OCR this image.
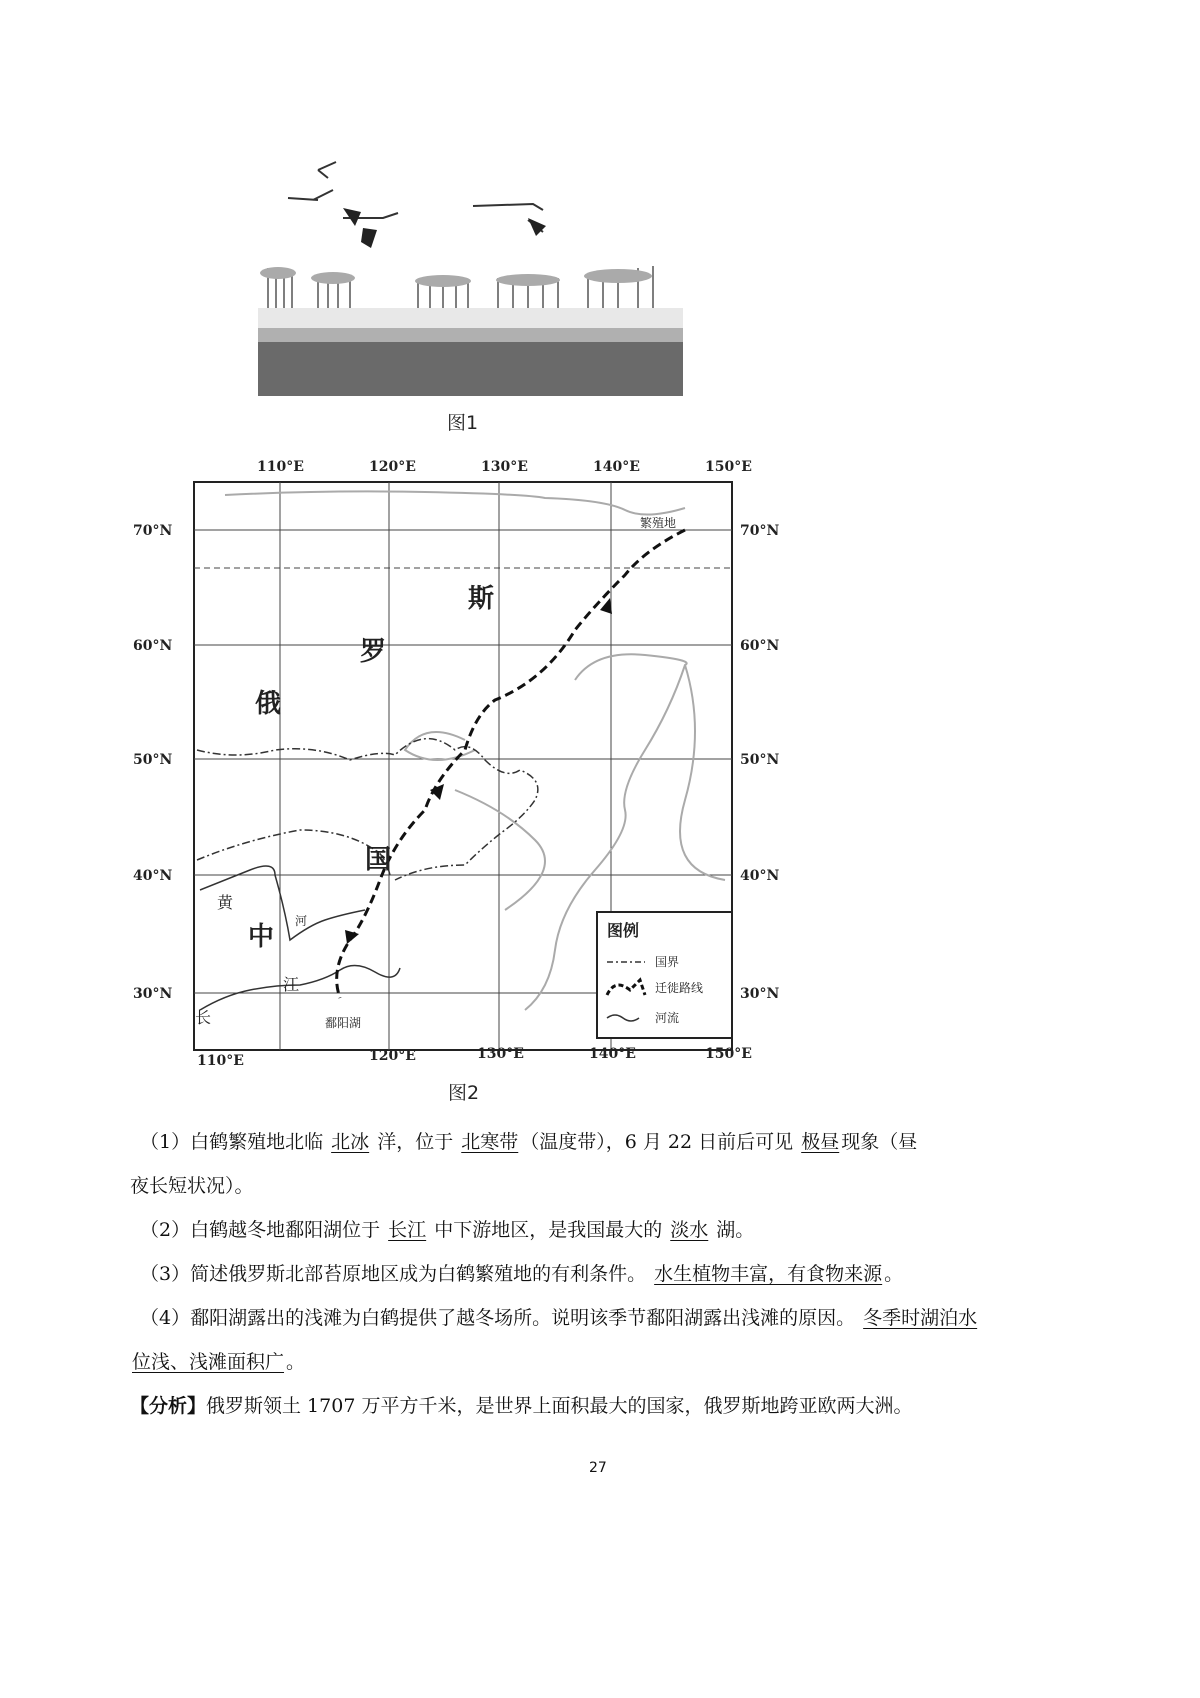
图1
110°E	120°E	130°E	140°E	150°E
70°N
60°N
50°N
40°N
30°N
70°N
60°N
50°N
40°N
30°N
俄
罗
斯
中
国
黄
河
江
长
繁殖地
鄱阳湖
图例
国界
迁徙路线
河流
110°E	120°E	130°E	140°E	150°E
图2
（1）白鹤繁殖地北临 北冰 洋，位于 北寒带 （温度带），6 月 22 日前后可见 极昼 现象（昼
夜长短状况）。
（2）白鹤越冬地鄱阳湖位于 长江 中下游地区，是我国最大的 淡水 湖。
（3）简述俄罗斯北部苔原地区成为白鹤繁殖地的有利条件。 水生植物丰富，有食物来源 。
（4）鄱阳湖露出的浅滩为白鹤提供了越冬场所。说明该季节鄱阳湖露出浅滩的原因。 冬季时湖泊水
位浅、浅滩面积广 。
【分析】俄罗斯领土 1707 万平方千米，是世界上面积最大的国家，俄罗斯地跨亚欧两大洲。
27
